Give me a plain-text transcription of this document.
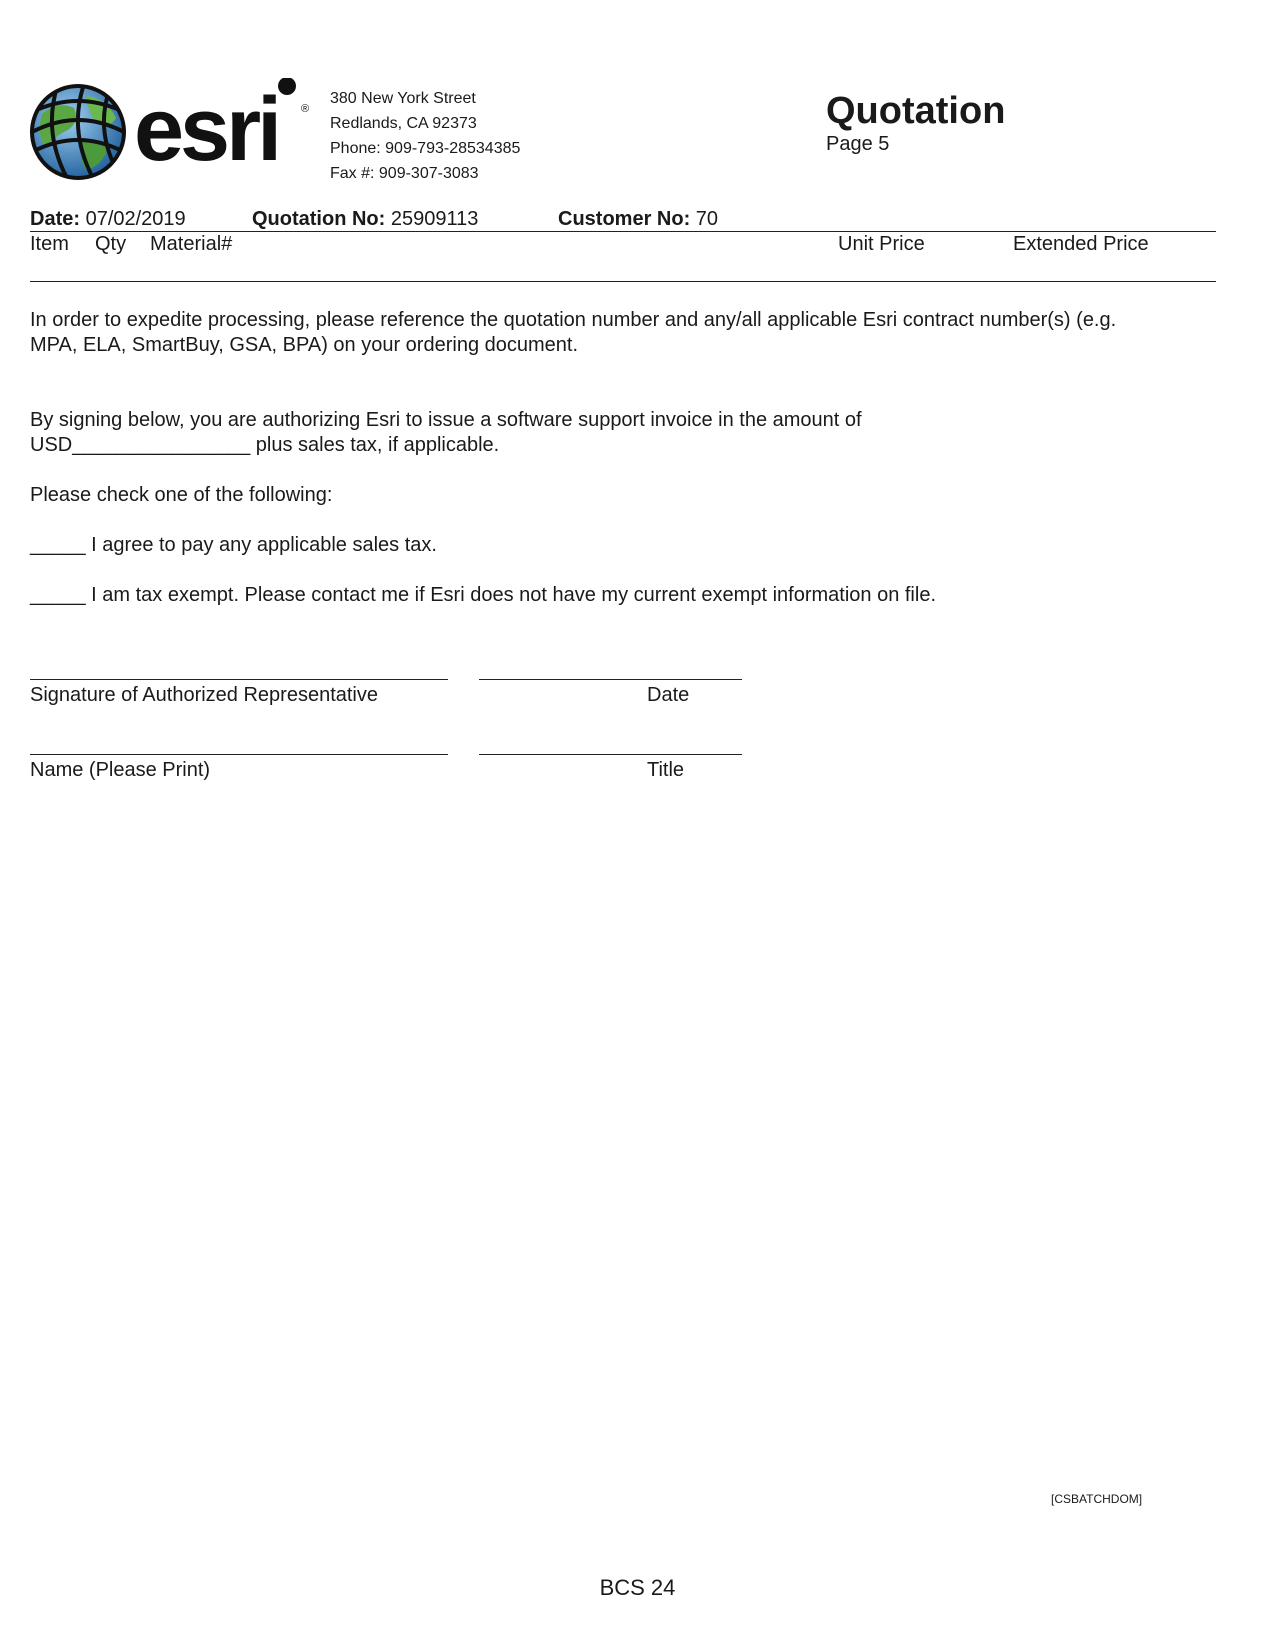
esri ®
380 New York Street
Redlands, CA 92373
Phone: 909-793-28534385
Fax #: 909-307-3083
Quotation
Page 5
Date: 07/02/2019	Quotation No: 25909113	Customer No: 70
Item Qty Material#	Unit Price	Extended Price
In order to expedite processing, please reference the quotation number and any/all applicable Esri contract number(s) (e.g.
MPA, ELA, SmartBuy, GSA, BPA) on your ordering document.
By signing below, you are authorizing Esri to issue a software support invoice in the amount of
USD________________ plus sales tax, if applicable.
Please check one of the following:
_____ I agree to pay any applicable sales tax.
_____ I am tax exempt. Please contact me if Esri does not have my current exempt information on file.
Signature of Authorized Representative	Date
Name (Please Print)	Title
[CSBATCHDOM]
BCS 24
